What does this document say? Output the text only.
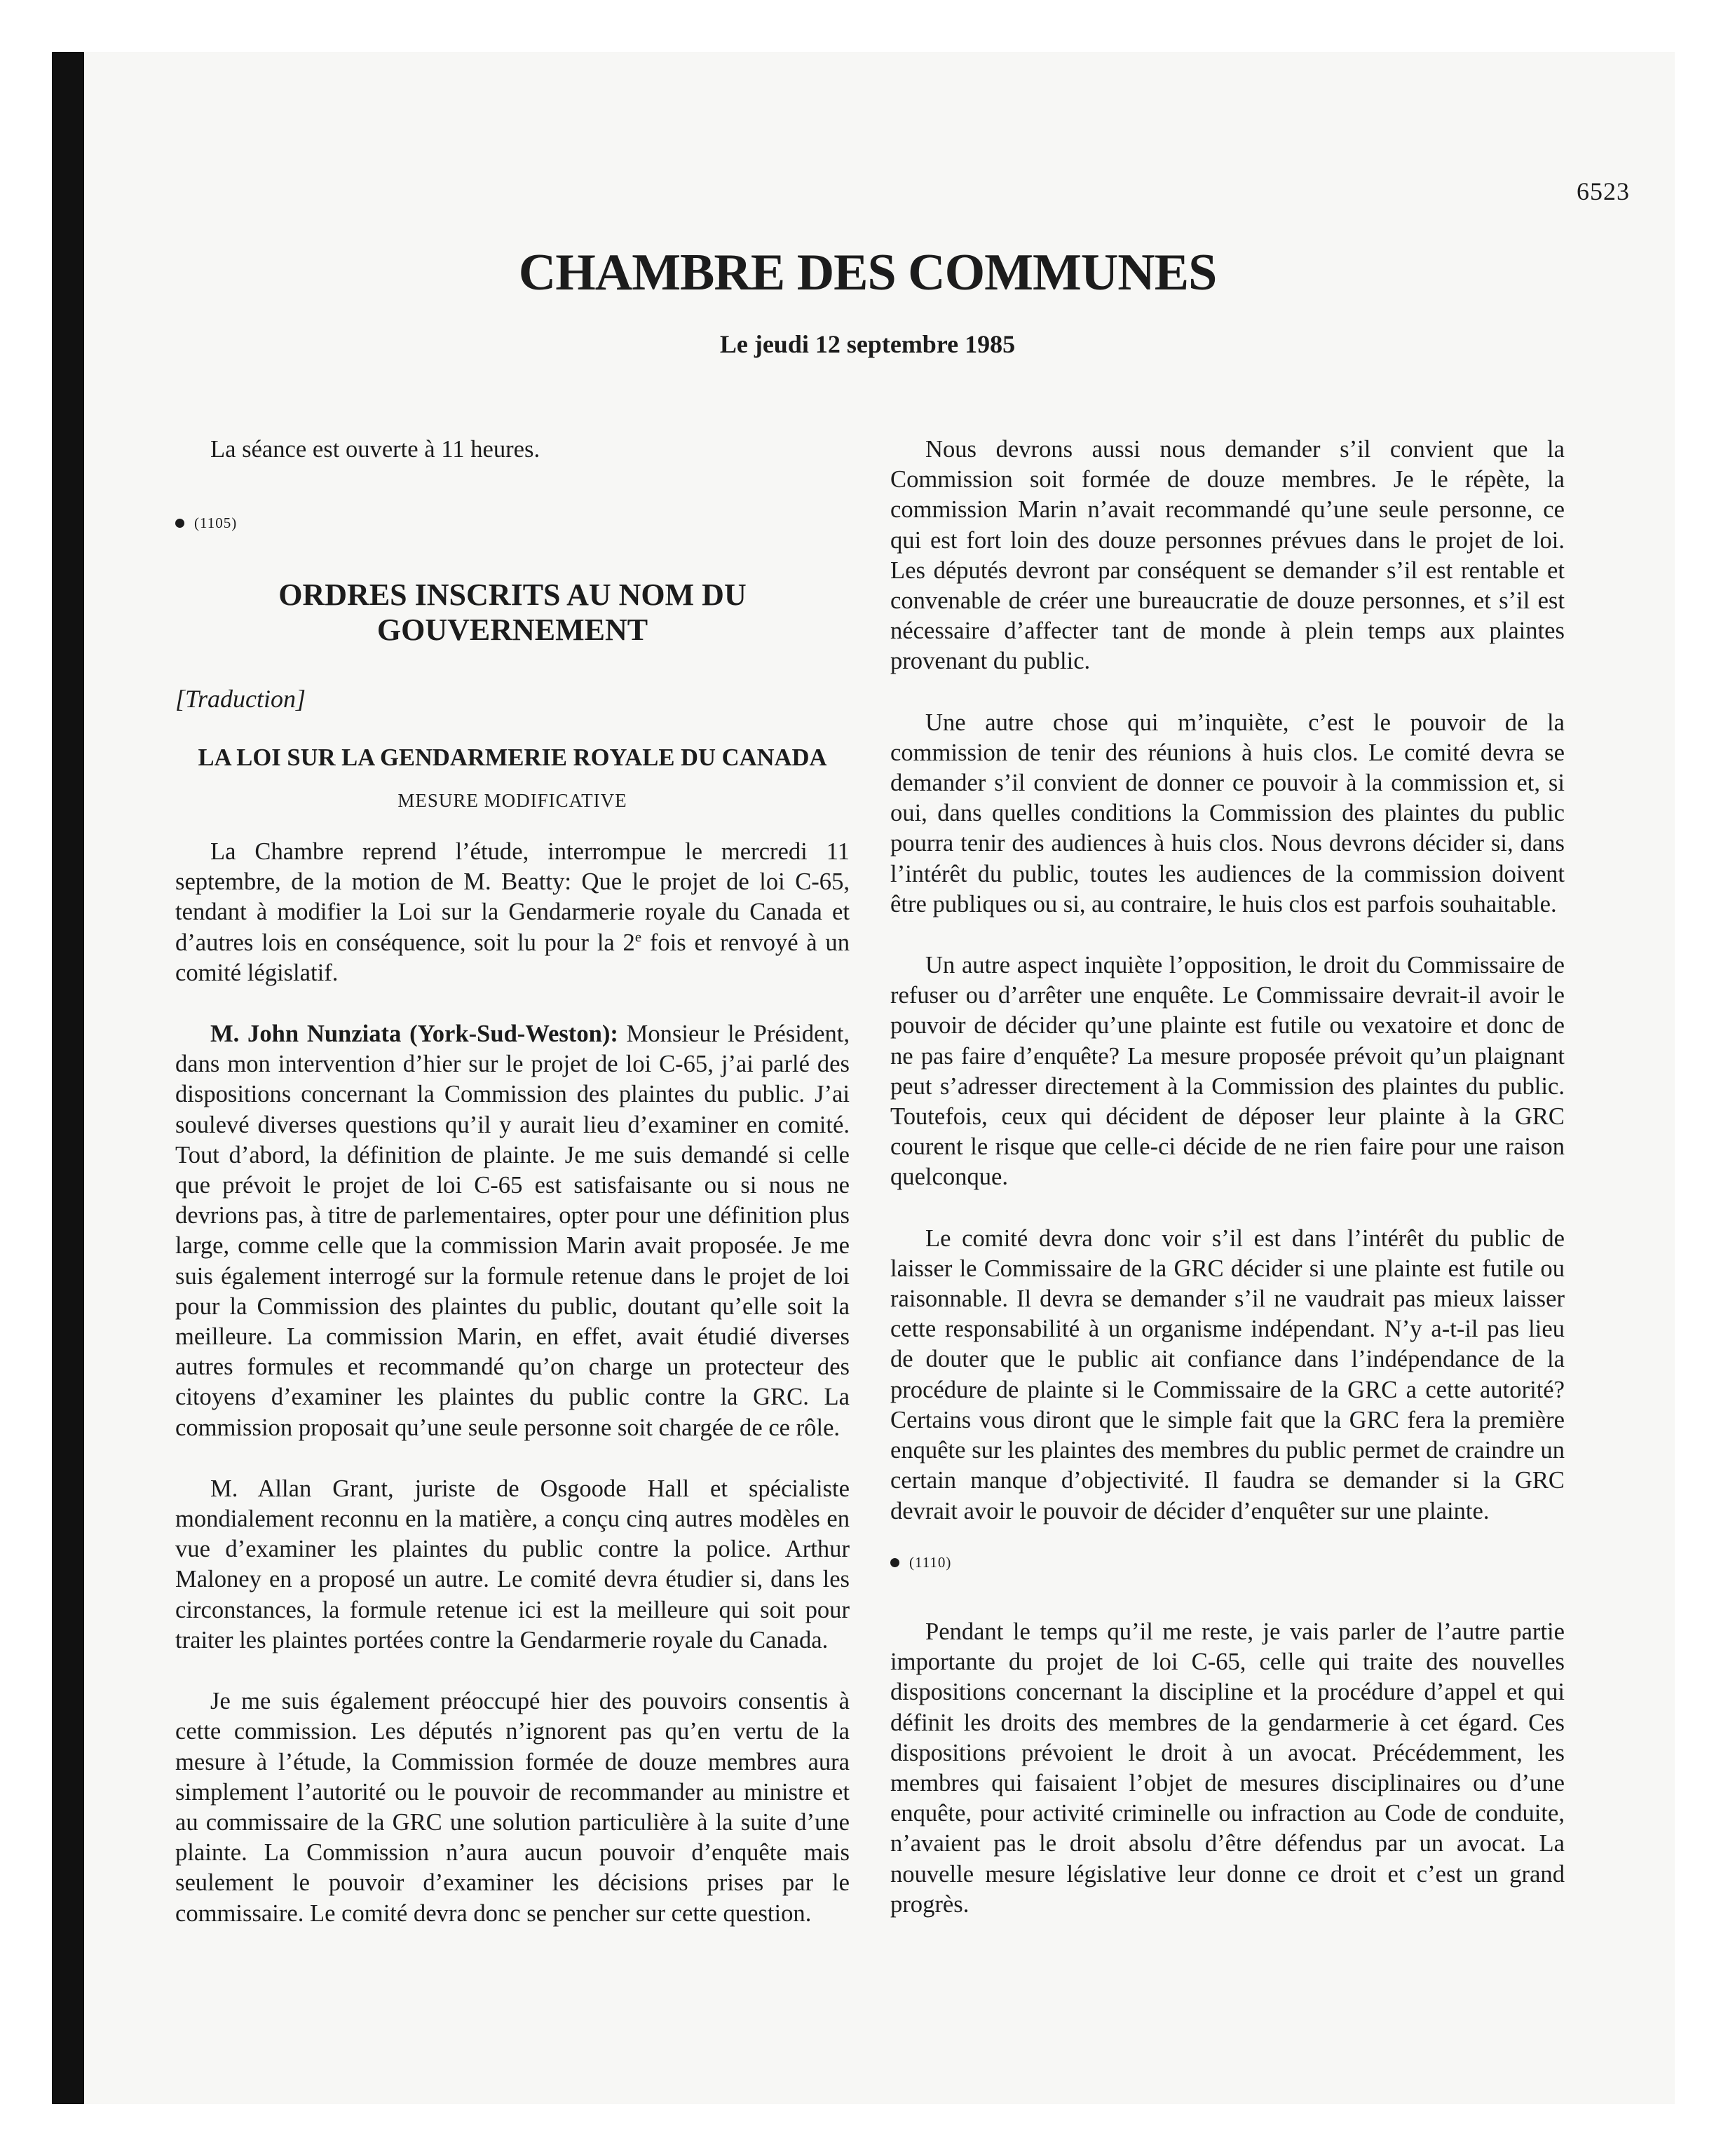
6523
CHAMBRE DES COMMUNES
Le jeudi 12 septembre 1985

La séance est ouverte à 11 heures.

(1105)
ORDRES INSCRITS AU NOM DU GOUVERNEMENT
[Traduction]
LA LOI SUR LA GENDARMERIE ROYALE DU CANADA
MESURE MODIFICATIVE

La Chambre reprend l’étude, interrompue le mercredi 11 septembre, de la motion de M. Beatty: Que le projet de loi C-65, tendant à modifier la Loi sur la Gendarmerie royale du Canada et d’autres lois en conséquence, soit lu pour la 2e fois et renvoyé à un comité législatif.

M. John Nunziata (York-Sud-Weston): Monsieur le Président, dans mon intervention d’hier sur le projet de loi C-65, j’ai parlé des dispositions concernant la Commission des plaintes du public. J’ai soulevé diverses questions qu’il y aurait lieu d’examiner en comité. Tout d’abord, la définition de plainte. Je me suis demandé si celle que prévoit le projet de loi C-65 est satisfaisante ou si nous ne devrions pas, à titre de parlementaires, opter pour une définition plus large, comme celle que la commission Marin avait proposée. Je me suis également interrogé sur la formule retenue dans le projet de loi pour la Commission des plaintes du public, doutant qu’elle soit la meilleure. La commission Marin, en effet, avait étudié diverses autres formules et recommandé qu’on charge un protecteur des citoyens d’examiner les plaintes du public contre la GRC. La commission proposait qu’une seule personne soit chargée de ce rôle.

M. Allan Grant, juriste de Osgoode Hall et spécialiste mondialement reconnu en la matière, a conçu cinq autres modèles en vue d’examiner les plaintes du public contre la police. Arthur Maloney en a proposé un autre. Le comité devra étudier si, dans les circonstances, la formule retenue ici est la meilleure qui soit pour traiter les plaintes portées contre la Gendarmerie royale du Canada.

Je me suis également préoccupé hier des pouvoirs consentis à cette commission. Les députés n’ignorent pas qu’en vertu de la mesure à l’étude, la Commission formée de douze membres aura simplement l’autorité ou le pouvoir de recommander au ministre et au commissaire de la GRC une solution particulière à la suite d’une plainte. La Commission n’aura aucun pouvoir d’enquête mais seulement le pouvoir d’examiner les décisions prises par le commissaire. Le comité devra donc se pencher sur cette question.

Nous devrons aussi nous demander s’il convient que la Commission soit formée de douze membres. Je le répète, la commission Marin n’avait recommandé qu’une seule personne, ce qui est fort loin des douze personnes prévues dans le projet de loi. Les députés devront par conséquent se demander s’il est rentable et convenable de créer une bureaucratie de douze personnes, et s’il est nécessaire d’affecter tant de monde à plein temps aux plaintes provenant du public.

Une autre chose qui m’inquiète, c’est le pouvoir de la commission de tenir des réunions à huis clos. Le comité devra se demander s’il convient de donner ce pouvoir à la commission et, si oui, dans quelles conditions la Commission des plaintes du public pourra tenir des audiences à huis clos. Nous devrons décider si, dans l’intérêt du public, toutes les audiences de la commission doivent être publiques ou si, au contraire, le huis clos est parfois souhaitable.

Un autre aspect inquiète l’opposition, le droit du Commissaire de refuser ou d’arrêter une enquête. Le Commissaire devrait-il avoir le pouvoir de décider qu’une plainte est futile ou vexatoire et donc de ne pas faire d’enquête? La mesure proposée prévoit qu’un plaignant peut s’adresser directement à la Commission des plaintes du public. Toutefois, ceux qui décident de déposer leur plainte à la GRC courent le risque que celle-ci décide de ne rien faire pour une raison quelconque.

Le comité devra donc voir s’il est dans l’intérêt du public de laisser le Commissaire de la GRC décider si une plainte est futile ou raisonnable. Il devra se demander s’il ne vaudrait pas mieux laisser cette responsabilité à un organisme indépendant. N’y a-t-il pas lieu de douter que le public ait confiance dans l’indépendance de la procédure de plainte si le Commissaire de la GRC a cette autorité? Certains vous diront que le simple fait que la GRC fera la première enquête sur les plaintes des membres du public permet de craindre un certain manque d’objectivité. Il faudra se demander si la GRC devrait avoir le pouvoir de décider d’enquêter sur une plainte.

(1110)

Pendant le temps qu’il me reste, je vais parler de l’autre partie importante du projet de loi C-65, celle qui traite des nouvelles dispositions concernant la discipline et la procédure d’appel et qui définit les droits des membres de la gendarmerie à cet égard. Ces dispositions prévoient le droit à un avocat. Précédemment, les membres qui faisaient l’objet de mesures disciplinaires ou d’une enquête, pour activité criminelle ou infraction au Code de conduite, n’avaient pas le droit absolu d’être défendus par un avocat. La nouvelle mesure législative leur donne ce droit et c’est un grand progrès.
